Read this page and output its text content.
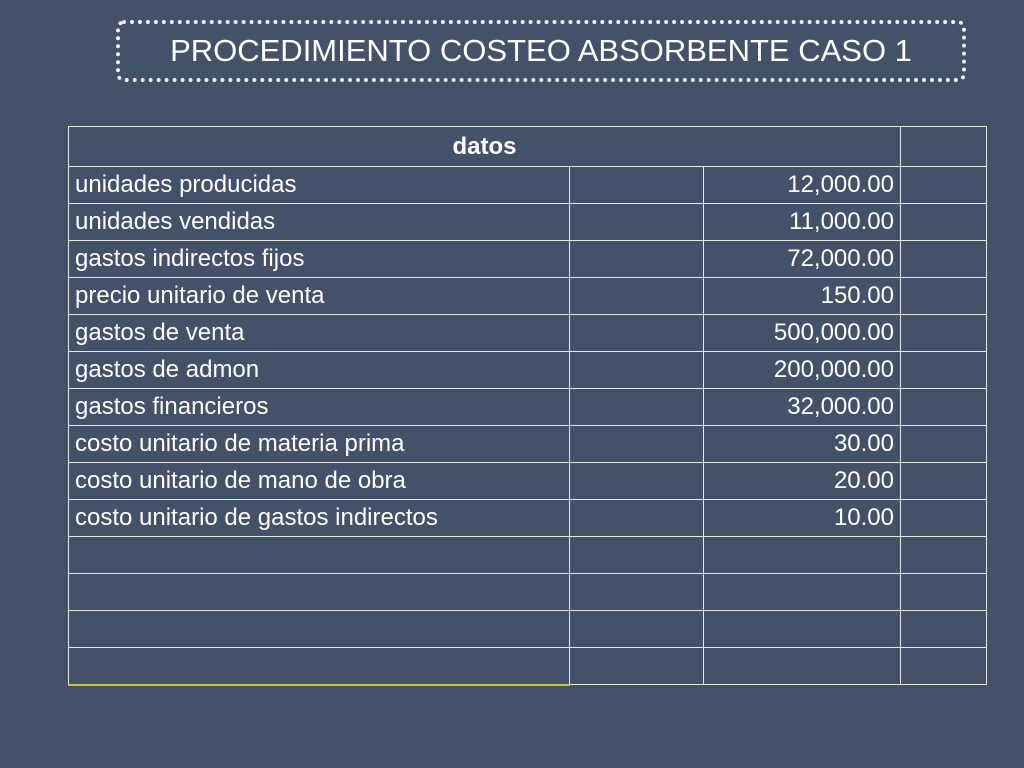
PROCEDIMIENTO COSTEO ABSORBENTE CASO 1
datos			
unidades producidas		12,000.00	
unidades vendidas		11,000.00	
gastos indirectos fijos		72,000.00	
precio unitario de venta		150.00	
gastos de venta		500,000.00	
gastos de admon		200,000.00	
gastos financieros		32,000.00	
costo unitario de materia prima		30.00	
costo unitario de mano de obra		20.00	
costo unitario de gastos indirectos		10.00	
